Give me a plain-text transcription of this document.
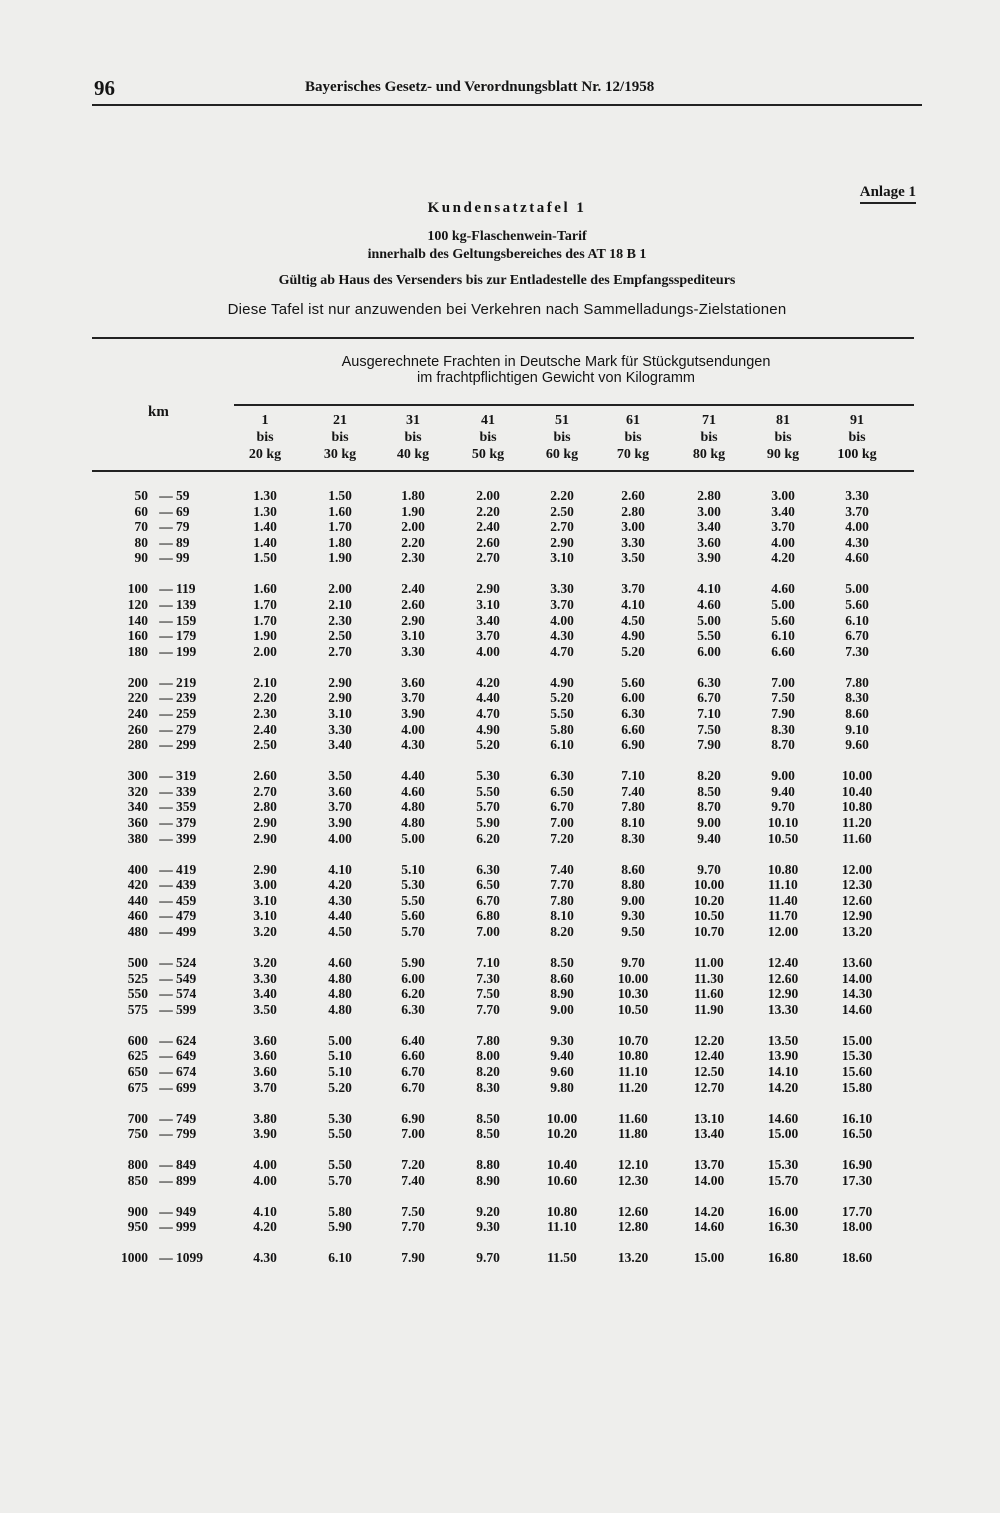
96	Bayerisches Gesetz- und Verordnungsblatt Nr. 12/1958
Anlage 1
Kundensatztafel 1
100 kg-Flaschenwein-Tarif
innerhalb des Geltungsbereiches des AT 18 B 1
Gültig ab Haus des Versenders bis zur Entladestelle des Empfangsspediteurs
Diese Tafel ist nur anzuwenden bei Verkehren nach Sammelladungs-Zielstationen
Ausgerechnete Frachten in Deutsche Mark für Stückgutsendungen
im frachtpflichtigen Gewicht von Kilogramm
km
1
bis
20 kg
21
bis
30 kg
31
bis
40 kg
41
bis
50 kg
51
bis
60 kg
61
bis
70 kg
71
bis
80 kg
81
bis
90 kg
91
bis
100 kg
50 — 59	1.30	1.50	1.80	2.00	2.20	2.60	2.80	3.00	3.30
60 — 69	1.30	1.60	1.90	2.20	2.50	2.80	3.00	3.40	3.70
70 — 79	1.40	1.70	2.00	2.40	2.70	3.00	3.40	3.70	4.00
80 — 89	1.40	1.80	2.20	2.60	2.90	3.30	3.60	4.00	4.30
90 — 99	1.50	1.90	2.30	2.70	3.10	3.50	3.90	4.20	4.60
100 — 119	1.60	2.00	2.40	2.90	3.30	3.70	4.10	4.60	5.00
120 — 139	1.70	2.10	2.60	3.10	3.70	4.10	4.60	5.00	5.60
140 — 159	1.70	2.30	2.90	3.40	4.00	4.50	5.00	5.60	6.10
160 — 179	1.90	2.50	3.10	3.70	4.30	4.90	5.50	6.10	6.70
180 — 199	2.00	2.70	3.30	4.00	4.70	5.20	6.00	6.60	7.30
200 — 219	2.10	2.90	3.60	4.20	4.90	5.60	6.30	7.00	7.80
220 — 239	2.20	2.90	3.70	4.40	5.20	6.00	6.70	7.50	8.30
240 — 259	2.30	3.10	3.90	4.70	5.50	6.30	7.10	7.90	8.60
260 — 279	2.40	3.30	4.00	4.90	5.80	6.60	7.50	8.30	9.10
280 — 299	2.50	3.40	4.30	5.20	6.10	6.90	7.90	8.70	9.60
300 — 319	2.60	3.50	4.40	5.30	6.30	7.10	8.20	9.00	10.00
320 — 339	2.70	3.60	4.60	5.50	6.50	7.40	8.50	9.40	10.40
340 — 359	2.80	3.70	4.80	5.70	6.70	7.80	8.70	9.70	10.80
360 — 379	2.90	3.90	4.80	5.90	7.00	8.10	9.00	10.10	11.20
380 — 399	2.90	4.00	5.00	6.20	7.20	8.30	9.40	10.50	11.60
400 — 419	2.90	4.10	5.10	6.30	7.40	8.60	9.70	10.80	12.00
420 — 439	3.00	4.20	5.30	6.50	7.70	8.80	10.00	11.10	12.30
440 — 459	3.10	4.30	5.50	6.70	7.80	9.00	10.20	11.40	12.60
460 — 479	3.10	4.40	5.60	6.80	8.10	9.30	10.50	11.70	12.90
480 — 499	3.20	4.50	5.70	7.00	8.20	9.50	10.70	12.00	13.20
500 — 524	3.20	4.60	5.90	7.10	8.50	9.70	11.00	12.40	13.60
525 — 549	3.30	4.80	6.00	7.30	8.60	10.00	11.30	12.60	14.00
550 — 574	3.40	4.80	6.20	7.50	8.90	10.30	11.60	12.90	14.30
575 — 599	3.50	4.80	6.30	7.70	9.00	10.50	11.90	13.30	14.60
600 — 624	3.60	5.00	6.40	7.80	9.30	10.70	12.20	13.50	15.00
625 — 649	3.60	5.10	6.60	8.00	9.40	10.80	12.40	13.90	15.30
650 — 674	3.60	5.10	6.70	8.20	9.60	11.10	12.50	14.10	15.60
675 — 699	3.70	5.20	6.70	8.30	9.80	11.20	12.70	14.20	15.80
700 — 749	3.80	5.30	6.90	8.50	10.00	11.60	13.10	14.60	16.10
750 — 799	3.90	5.50	7.00	8.50	10.20	11.80	13.40	15.00	16.50
800 — 849	4.00	5.50	7.20	8.80	10.40	12.10	13.70	15.30	16.90
850 — 899	4.00	5.70	7.40	8.90	10.60	12.30	14.00	15.70	17.30
900 — 949	4.10	5.80	7.50	9.20	10.80	12.60	14.20	16.00	17.70
950 — 999	4.20	5.90	7.70	9.30	11.10	12.80	14.60	16.30	18.00
1000 — 1099	4.30	6.10	7.90	9.70	11.50	13.20	15.00	16.80	18.60
